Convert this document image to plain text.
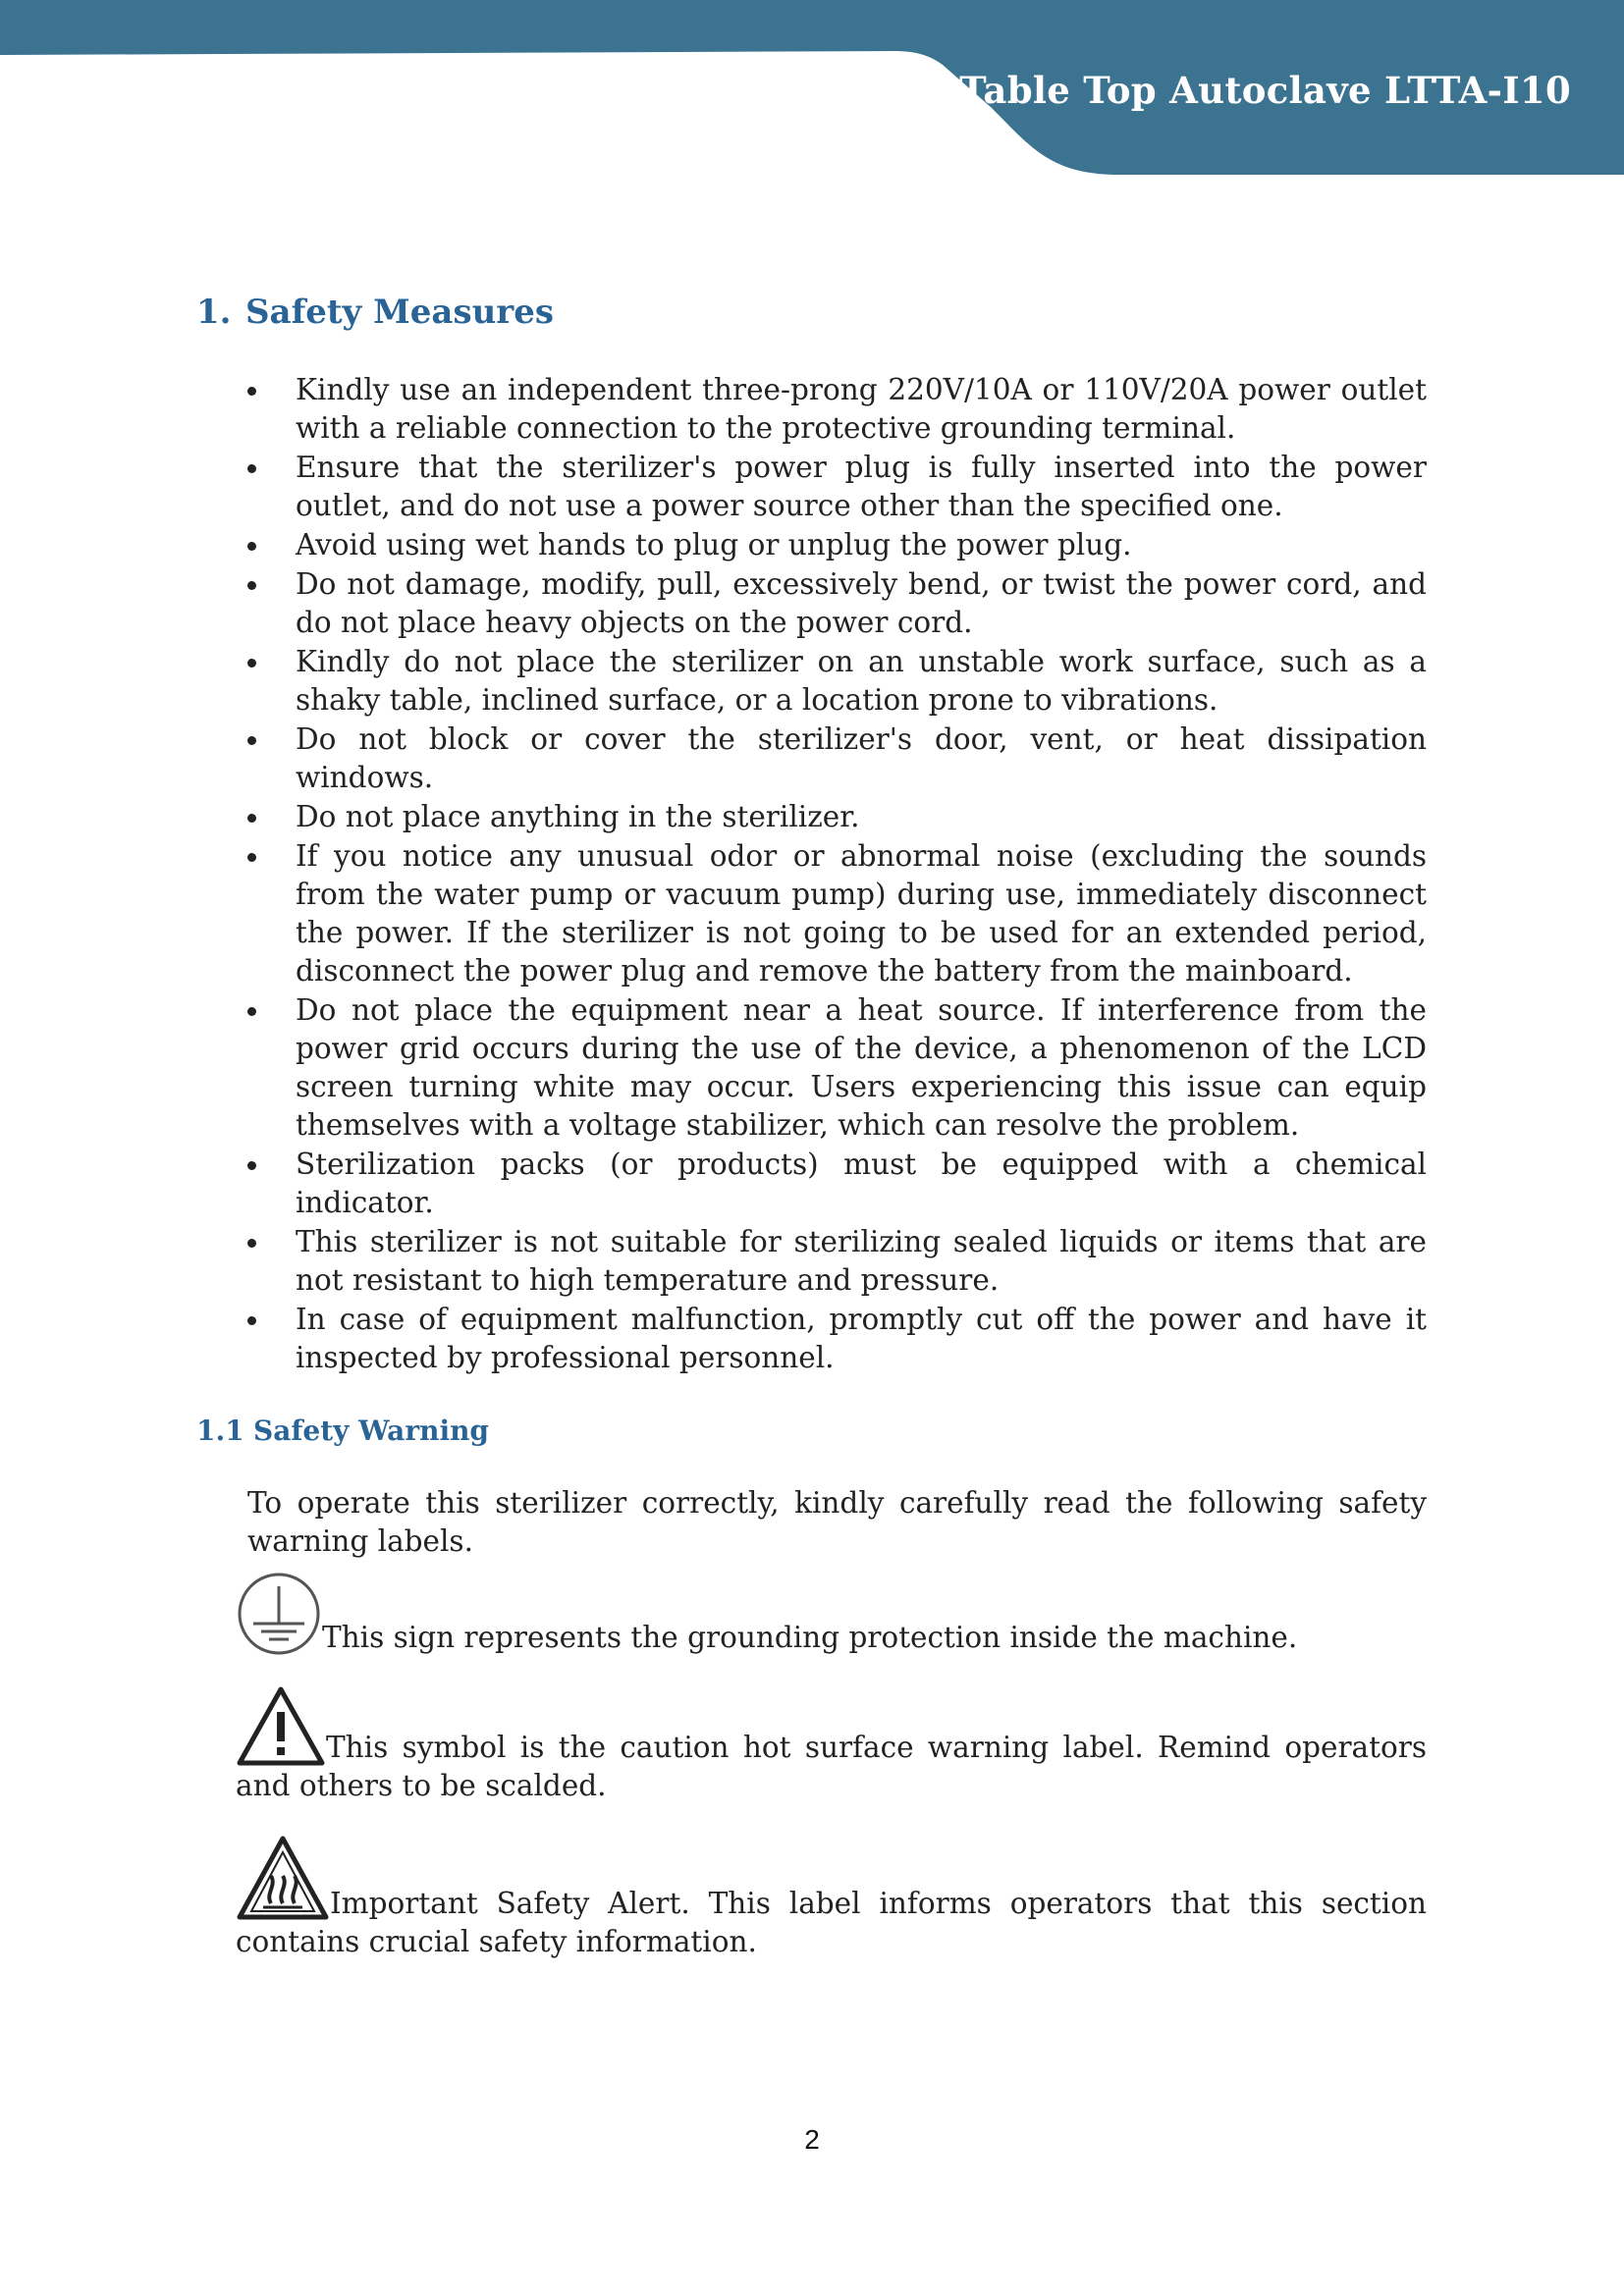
Table Top Autoclave LTTA-I10
1. Safety Measures
Kindly use an independent three-prong 220V/10A or 110V/20A power outlet with a reliable connection to the protective grounding terminal.
Ensure that the sterilizer's power plug is fully inserted into the power outlet, and do not use a power source other than the specified one.
Avoid using wet hands to plug or unplug the power plug.
Do not damage, modify, pull, excessively bend, or twist the power cord, and do not place heavy objects on the power cord.
Kindly do not place the sterilizer on an unstable work surface, such as a shaky table, inclined surface, or a location prone to vibrations.
Do not block or cover the sterilizer's door, vent, or heat dissipation windows.
Do not place anything in the sterilizer.
If you notice any unusual odor or abnormal noise (excluding the sounds from the water pump or vacuum pump) during use, immediately disconnect the power. If the sterilizer is not going to be used for an extended period, disconnect the power plug and remove the battery from the mainboard.
Do not place the equipment near a heat source. If interference from the power grid occurs during the use of the device, a phenomenon of the LCD screen turning white may occur. Users experiencing this issue can equip themselves with a voltage stabilizer, which can resolve the problem.
Sterilization packs (or products) must be equipped with a chemical indicator.
This sterilizer is not suitable for sterilizing sealed liquids or items that are not resistant to high temperature and pressure.
In case of equipment malfunction, promptly cut off the power and have it inspected by professional personnel.
1.1 Safety Warning
To operate this sterilizer correctly, kindly carefully read the following safety warning labels.
This sign represents the grounding protection inside the machine.
This symbol is the caution hot surface warning label. Remind operators and others to be scalded.
Important Safety Alert. This label informs operators that this section contains crucial safety information.
2
